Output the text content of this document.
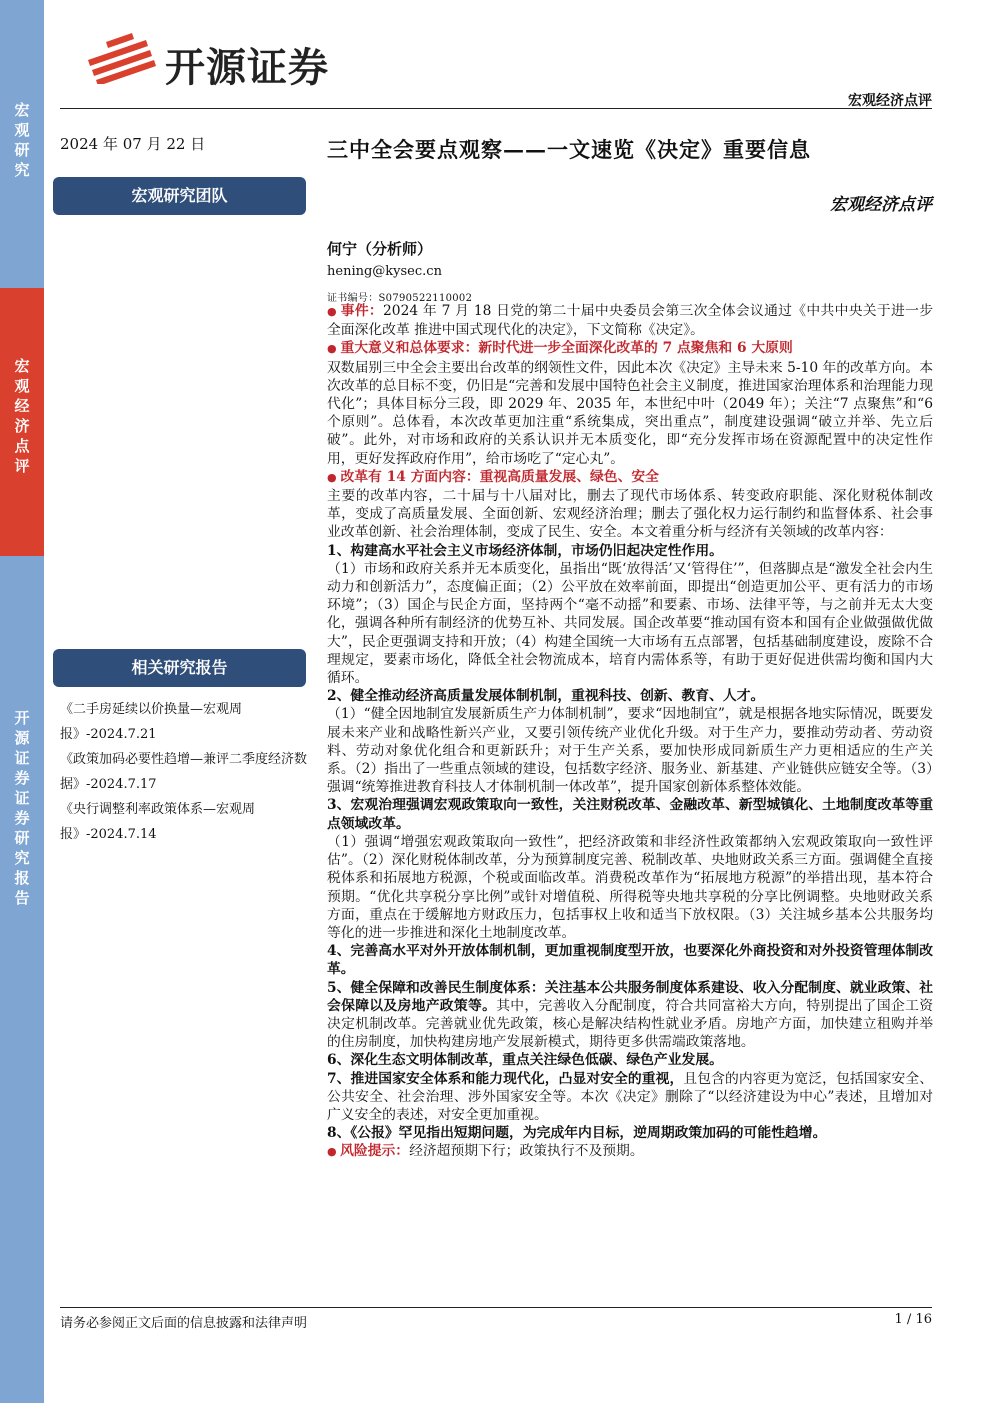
宏观研究
宏观经济点评
开源证券 证券研究报告
开源证券
宏观经济点评
2024 年 07 月 22 日	三中全会要点观察——一文速览《决定》重要信息
宏观研究团队	宏观经济点评
何宁（分析师）
hening@kysec.cn
证书编号：S0790522110002

● 事件：2024 年 7 月 18 日党的第二十届中央委员会第三次全体会议通过《中共中央关于进一步全面深化改革 推进中国式现代化的决定》，下文简称《决定》。

● 重大意义和总体要求：新时代进一步全面深化改革的 7 点聚焦和 6 大原则

双数届别三中全会主要出台改革的纲领性文件，因此本次《决定》主导未来 5-10 年的改革方向。本次改革的总目标不变，仍旧是“完善和发展中国特色社会主义制度，推进国家治理体系和治理能力现代化”；具体目标分三段，即 2029 年、2035 年，本世纪中叶（2049 年）；关注“7 点聚焦”和“6 个原则”。总体看，本次改革更加注重“系统集成，突出重点”，制度建设强调“破立并举、先立后破”。此外，对市场和政府的关系认识并无本质变化，即“充分发挥市场在资源配置中的决定性作用，更好发挥政府作用”，给市场吃了“定心丸”。

● 改革有 14 方面内容：重视高质量发展、绿色、安全

主要的改革内容，二十届与十八届对比，删去了现代市场体系、转变政府职能、深化财税体制改革，变成了高质量发展、全面创新、宏观经济治理；删去了强化权力运行制约和监督体系、社会事业改革创新、社会治理体制，变成了民生、安全。本文着重分析与经济有关领域的改革内容：

1、构建高水平社会主义市场经济体制，市场仍旧起决定性作用。

（1）市场和政府关系并无本质变化，虽指出“既‘放得活’又‘管得住’”，但落脚点是“激发全社会内生动力和创新活力”，态度偏正面；（2）公平放在效率前面，即提出“创造更加公平、更有活力的市场环境”；（3）国企与民企方面，坚持两个“毫不动摇”和要素、市场、法律平等，与之前并无太大变化，强调各种所有制经济的优势互补、共同发展。国企改革要“推动国有资本和国有企业做强做优做大”，民企更强调支持和开放；（4）构建全国统一大市场有五点部署，包括基础制度建设，废除不合理规定，要素市场化，降低全社会物流成本，培育内需体系等，有助于更好促进供需均衡和国内大循环。

2、健全推动经济高质量发展体制机制，重视科技、创新、教育、人才。

（1）“健全因地制宜发展新质生产力体制机制”，要求“因地制宜”，就是根据各地实际情况，既要发展未来产业和战略性新兴产业，又要引领传统产业优化升级。对于生产力，要推动劳动者、劳动资料、劳动对象优化组合和更新跃升；对于生产关系，要加快形成同新质生产力更相适应的生产关系。（2）指出了一些重点领域的建设，包括数字经济、服务业、新基建、产业链供应链安全等。（3）强调“统筹推进教育科技人才体制机制一体改革”，提升国家创新体系整体效能。

3、宏观治理强调宏观政策取向一致性，关注财税改革、金融改革、新型城镇化、土地制度改革等重点领域改革。

（1）强调“增强宏观政策取向一致性”，把经济政策和非经济性政策都纳入宏观政策取向一致性评估”。（2）深化财税体制改革，分为预算制度完善、税制改革、央地财政关系三方面。强调健全直接税体系和拓展地方税源，个税或面临改革。消费税改革作为“拓展地方税源”的举措出现，基本符合预期。“优化共享税分享比例”或针对增值税、所得税等央地共享税的分享比例调整。央地财政关系方面，重点在于缓解地方财政压力，包括事权上收和适当下放权限。（3）关注城乡基本公共服务均等化的进一步推进和深化土地制度改革。

4、完善高水平对外开放体制机制，更加重视制度型开放，也要深化外商投资和对外投资管理体制改革。

5、健全保障和改善民生制度体系：关注基本公共服务制度体系建设、收入分配制度、就业政策、社会保障以及房地产政策等。其中，完善收入分配制度，符合共同富裕大方向，特别提出了国企工资决定机制改革。完善就业优先政策，核心是解决结构性就业矛盾。房地产方面，加快建立租购并举的住房制度，加快构建房地产发展新模式，期待更多供需端政策落地。

6、深化生态文明体制改革，重点关注绿色低碳、绿色产业发展。

7、推进国家安全体系和能力现代化，凸显对安全的重视，且包含的内容更为宽泛，包括国家安全、公共安全、社会治理、涉外国家安全等。本次《决定》删除了“以经济建设为中心”表述，且增加对广义安全的表述，对安全更加重视。

8、《公报》罕见指出短期问题，为完成年内目标，逆周期政策加码的可能性趋增。

● 风险提示：经济超预期下行；政策执行不及预期。

相关研究报告

《二手房延续以价换量—宏观周报》-2024.7.21

《政策加码必要性趋增—兼评二季度经济数据》-2024.7.17

《央行调整利率政策体系—宏观周报》-2024.7.14

请务必参阅正文后面的信息披露和法律声明	1 / 16
